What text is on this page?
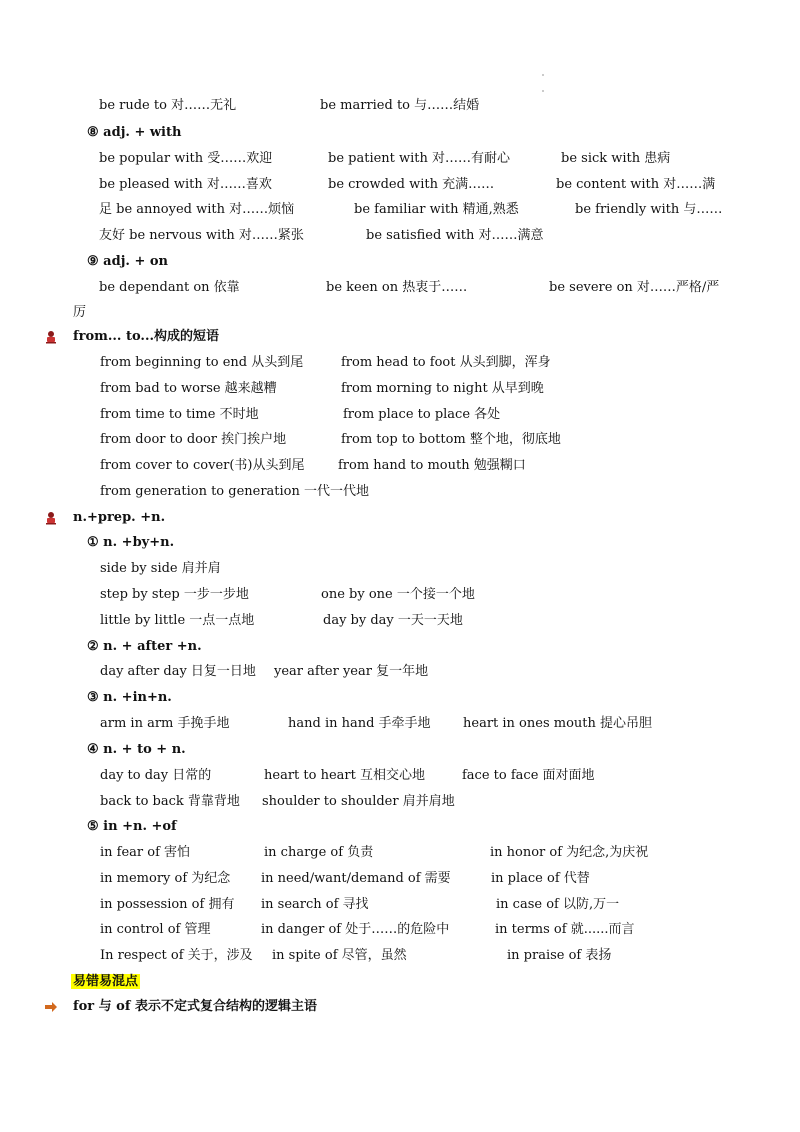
be rude to 对……无礼	be married to 与……结婚
⑧ adj. + with
be popular with 受……欢迎	be patient with 对……有耐心	be sick with 患病
be pleased with 对……喜欢	be crowded with 充满……	be content with 对……满
足 be annoyed with 对……烦恼	be familiar with 精通,熟悉	be friendly with 与……
友好 be nervous with 对……紧张	be satisfied with 对……满意
⑨ adj. + on
be dependant on 依靠	be keen on 热衷于……	be severe on 对……严格/严
厉
from... to...构成的短语
from beginning to end 从头到尾	from head to foot 从头到脚，浑身
from bad to worse 越来越糟	from morning to night 从早到晚
from time to time 不时地	from place to place 各处
from door to door 挨门挨户地	from top to bottom 整个地，彻底地
from cover to cover(书)从头到尾	from hand to mouth 勉强糊口
from generation to generation 一代一代地
n.+prep. +n.
① n. +by+n.
side by side 肩并肩
step by step 一步一步地	one by one 一个接一个地
little by little 一点一点地	day by day 一天一天地
② n. + after +n.
day after day 日复一日地 year after year 复一年地
③ n. +in+n.
arm in arm 手挽手地	hand in hand 手牵手地 heart in ones mouth 提心吊胆
④ n. + to + n.
day to day 日常的	heart to heart 互相交心地	face to face 面对面地
back to back 背靠背地 shoulder to shoulder 肩并肩地
⑤ in +n. +of
in fear of 害怕	in charge of 负责	in honor of 为纪念,为庆祝
in memory of 为纪念 in need/want/demand of 需要	in place of 代替
in possession of 拥有 in search of 寻找	in case of 以防,万一
in control of 管理	in danger of 处于……的危险中	in terms of 就......而言
In respect of 关于，涉及 in spite of 尽管，虽然	in praise of 表扬
易错易混点
for 与 of 表示不定式复合结构的逻辑主语
